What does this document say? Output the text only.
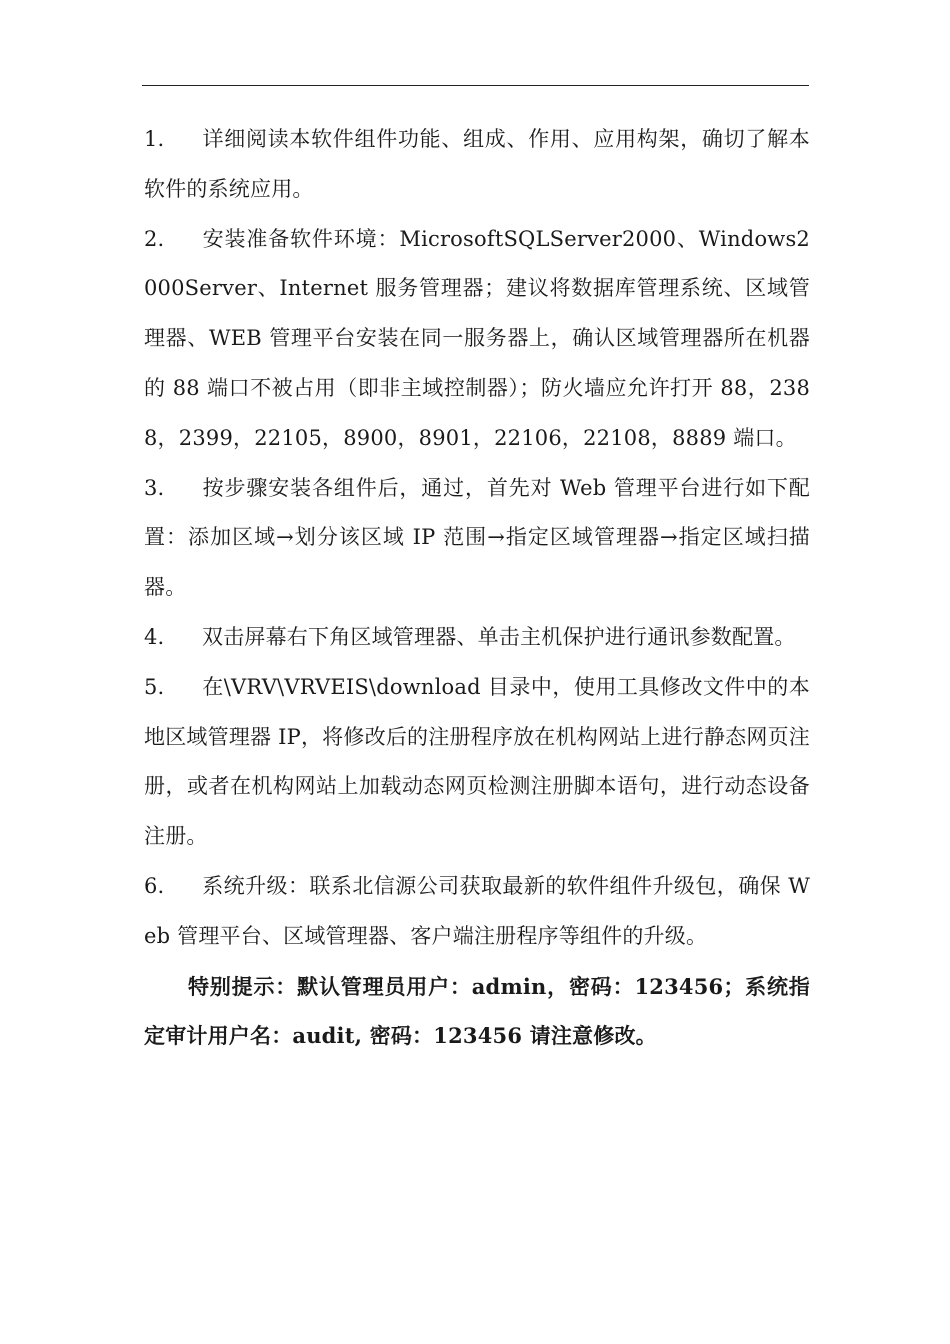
1. 详细阅读本软件组件功能、组成、作用、应用构架，确切了解本软件的系统应用。

2. 安装准备软件环境：MicrosoftSQLServer2000、Windows2000Server、Internet 服务管理器；建议将数据库管理系统、区域管理器、WEB 管理平台安装在同一服务器上，确认区域管理器所在机器的 88 端口不被占用（即非主域控制器）；防火墙应允许打开 88，2388，2399，22105，8900，8901，22106，22108，8889 端口。

3. 按步骤安装各组件后，通过，首先对 Web 管理平台进行如下配置：添加区域→划分该区域 IP 范围→指定区域管理器→指定区域扫描器。

4. 双击屏幕右下角区域管理器、单击主机保护进行通讯参数配置。

5. 在\VRV\VRVEIS\download 目录中，使用工具修改文件中的本地区域管理器 IP，将修改后的注册程序放在机构网站上进行静态网页注册，或者在机构网站上加载动态网页检测注册脚本语句，进行动态设备注册。

6. 系统升级：联系北信源公司获取最新的软件组件升级包，确保 Web 管理平台、区域管理器、客户端注册程序等组件的升级。

特别提示：默认管理员用户：admin，密码：123456；系统指定审计用户名：audit, 密码：123456 请注意修改。
